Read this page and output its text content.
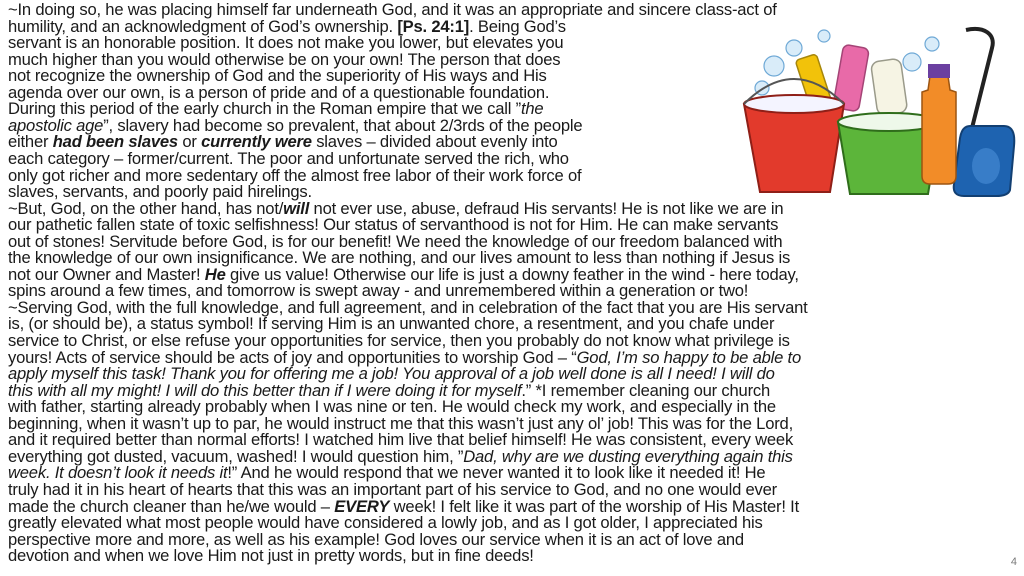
~In doing so, he was placing himself far underneath God, and it was an appropriate and sincere class-act of

humility, and an acknowledgment of God’s ownership. [Ps. 24:1]. Being God’s

servant is an honorable position. It does not make you lower, but elevates you

much higher than you would otherwise be on your own! The person that does

not recognize the ownership of God and the superiority of His ways and His

agenda over our own, is a person of pride and of a questionable foundation.

During this period of the early church in the Roman empire that we call ”the

apostolic age”, slavery had become so prevalent, that about 2/3rds of the people

either had been slaves or currently were slaves – divided about evenly into

each category – former/current. The poor and unfortunate served the rich, who

only got richer and more sedentary off the almost free labor of their work force of

slaves, servants, and poorly paid hirelings.

~But, God, on the other hand, has not/will not ever use, abuse, defraud His servants! He is not like we are in

our pathetic fallen state of toxic selfishness! Our status of servanthood is not for Him. He can make servants

out of stones! Servitude before God, is for our benefit! We need the knowledge of our freedom balanced with

the knowledge of our own insignificance. We are nothing, and our lives amount to less than nothing if Jesus is

not our Owner and Master! He give us value! Otherwise our life is just a downy feather in the wind - here today,

spins around a few times, and tomorrow is swept away - and unremembered within a generation or two!

~Serving God, with the full knowledge, and full agreement, and in celebration of the fact that you are His servant

is, (or should be), a status symbol! If serving Him is an unwanted chore, a resentment, and you chafe under

service to Christ, or else refuse your opportunities for service, then you probably do not know what privilege is

yours! Acts of service should be acts of joy and opportunities to worship God – “God, I’m so happy to be able to

apply myself this task! Thank you for offering me a job! You approval of a job well done is all I need! I will do

this with all my might! I will do this better than if I were doing it for myself.” *I remember cleaning our church

with father, starting already probably when I was nine or ten. He would check my work, and especially in the

beginning, when it wasn’t up to par, he would instruct me that this wasn’t just any ol’ job! This was for the Lord,

and it required better than normal efforts! I watched him live that belief himself! He was consistent, every week

everything got dusted, vacuum, washed! I would question him, ”Dad, why are we dusting everything again this

week. It doesn’t look it needs it!” And he would respond that we never wanted it to look like it needed it! He

truly had it in his heart of hearts that this was an important part of his service to God, and no one would ever

made the church cleaner than he/we would – EVERY week! I felt like it was part of the worship of His Master! It

greatly elevated what most people would have considered a lowly job, and as I got older, I appreciated his

perspective more and more, as well as his example! God loves our service when it is an act of love and

devotion and when we love Him not just in pretty words, but in fine deeds!	4
